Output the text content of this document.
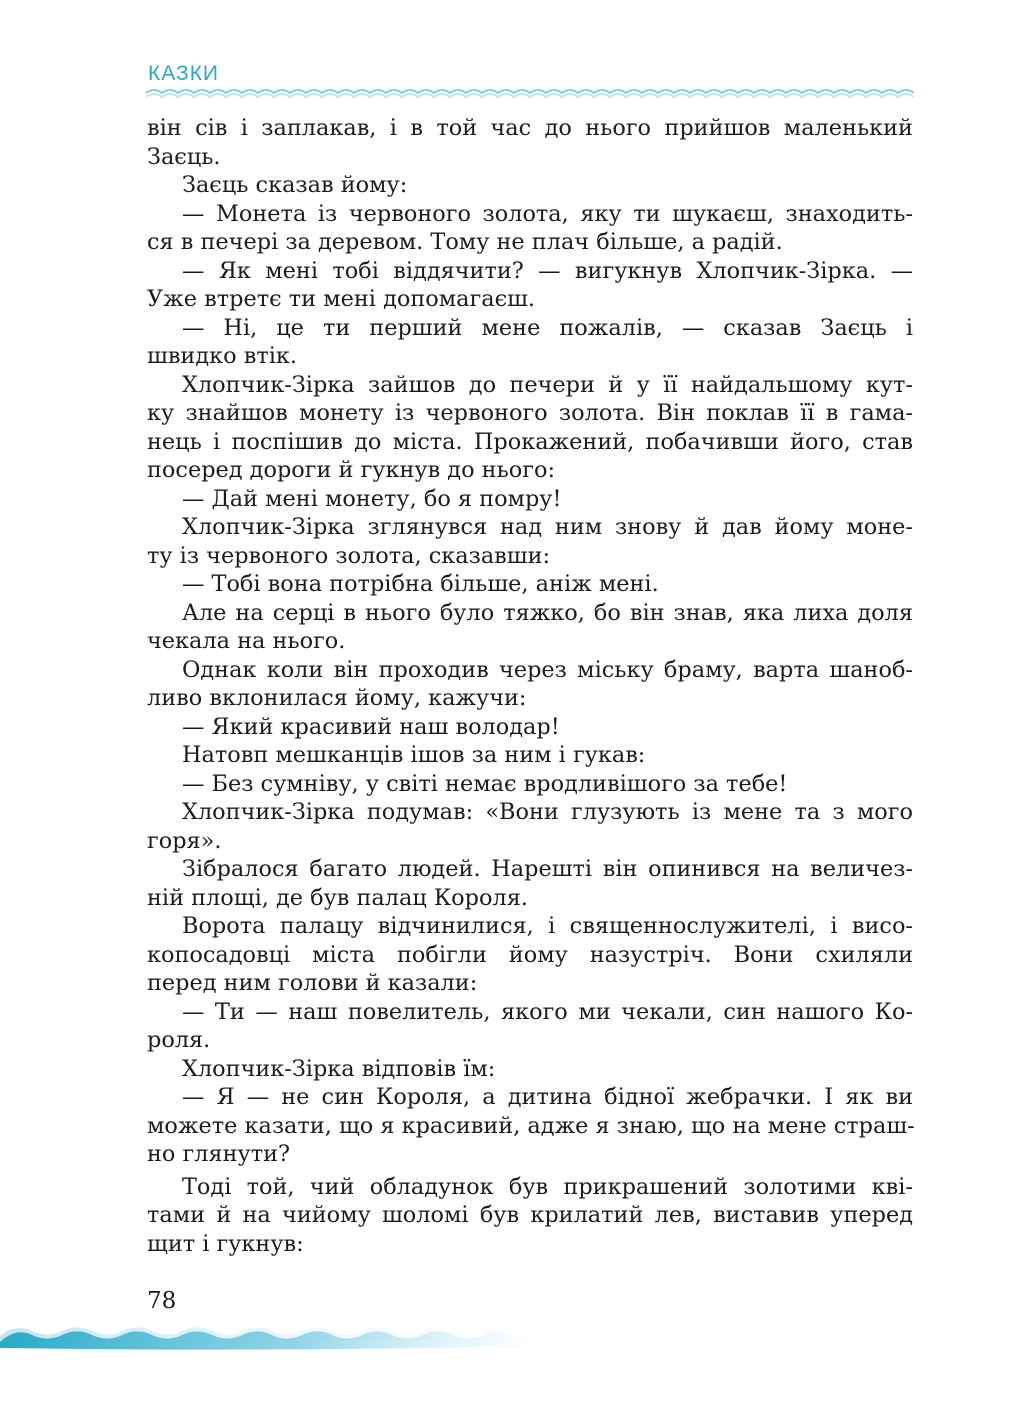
КАЗКИ
він сів і заплакав, і в той час до нього прийшов маленький
Заєць.
Заєць сказав йому:
— Монета із червоного золота, яку ти шукаєш, знаходить-
ся в печері за деревом. Тому не плач більше, а радій.
— Як мені тобі віддячити? — вигукнув Хлопчик-Зірка. —
Уже втретє ти мені допомагаєш.
— Ні, це ти перший мене пожалів, — сказав Заєць і
швидко втік.
Хлопчик-Зірка зайшов до печери й у її найдальшому кут-
ку знайшов монету із червоного золота. Він поклав її в гама-
нець і поспішив до міста. Прокажений, побачивши його, став
посеред дороги й гукнув до нього:
— Дай мені монету, бо я помру!
Хлопчик-Зірка зглянувся над ним знову й дав йому моне-
ту із червоного золота, сказавши:
— Тобі вона потрібна більше, аніж мені.
Але на серці в нього було тяжко, бо він знав, яка лиха доля
чекала на нього.
Однак коли він проходив через міську браму, варта шаноб-
ливо вклонилася йому, кажучи:
— Який красивий наш володар!
Натовп мешканців ішов за ним і гукав:
— Без сумніву, у світі немає вродливішого за тебе!
Хлопчик-Зірка подумав: «Вони глузують із мене та з мого
горя».
Зібралося багато людей. Нарешті він опинився на величез-
ній площі, де був палац Короля.
Ворота палацу відчинилися, і священнослужителі, і висо-
копосадовці міста побігли йому назустріч. Вони схиляли
перед ним голови й казали:
— Ти — наш повелитель, якого ми чекали, син нашого Ко-
роля.
Хлопчик-Зірка відповів їм:
— Я — не син Короля, а дитина бідної жебрачки. І як ви
можете казати, що я красивий, адже я знаю, що на мене страш-
но глянути?
Тоді той, чий обладунок був прикрашений золотими кві-
тами й на чийому шоломі був крилатий лев, виставив уперед
щит і гукнув:
78
